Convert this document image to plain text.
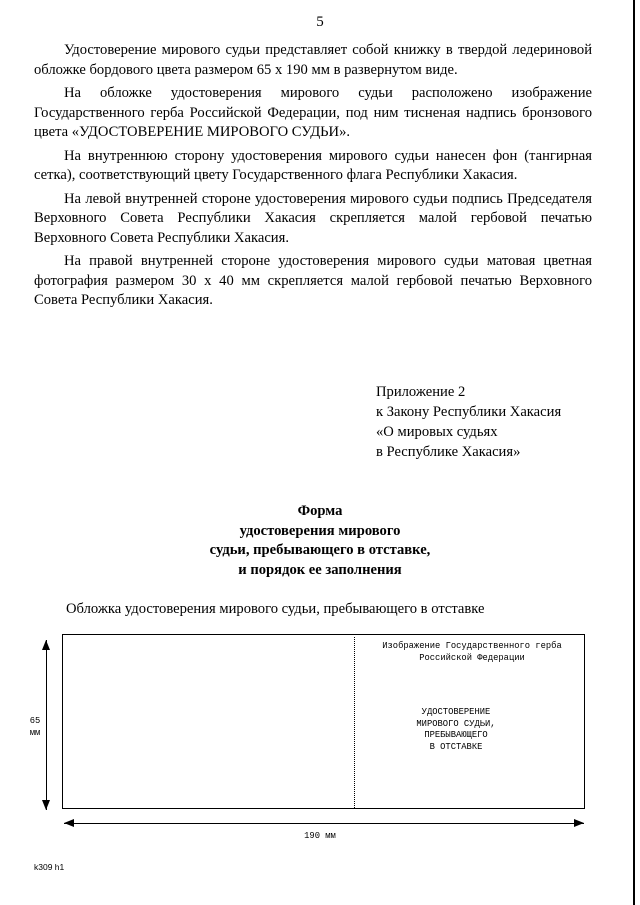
5

Удостоверение мирового судьи представляет собой книжку в твердой ледериновой обложке бордового цвета размером 65 х 190 мм в развернутом виде.

На обложке удостоверения мирового судьи расположено изображение Государственного герба Российской Федерации, под ним тисненая надпись бронзового цвета «УДОСТОВЕРЕНИЕ МИРОВОГО СУДЬИ».

На внутреннюю сторону удостоверения мирового судьи нанесен фон (тангирная сетка), соответствующий цвету Государственного флага Республики Хакасия.

На левой внутренней стороне удостоверения мирового судьи подпись Председателя Верховного Совета Республики Хакасия скрепляется малой гербовой печатью Верховного Совета Республики Хакасия.

На правой внутренней стороне удостоверения мирового судьи матовая цветная фотография размером 30 х 40 мм скрепляется малой гербовой печатью Верховного Совета Республики Хакасия.

Приложение 2
к Закону Республики Хакасия
«О мировых судьях
в Республике Хакасия»
Форма
удостоверения мирового
судьи, пребывающего в отставке,
и порядок ее заполнения
Обложка удостоверения мирового судьи, пребывающего в отставке
Изображение Государственного герба
Российской Федерации
УДОСТОВЕРЕНИЕ
МИРОВОГО СУДЬИ,
ПРЕБЫВАЮЩЕГО
В ОТСТАВКЕ
65
мм
190 мм
k309 h1
